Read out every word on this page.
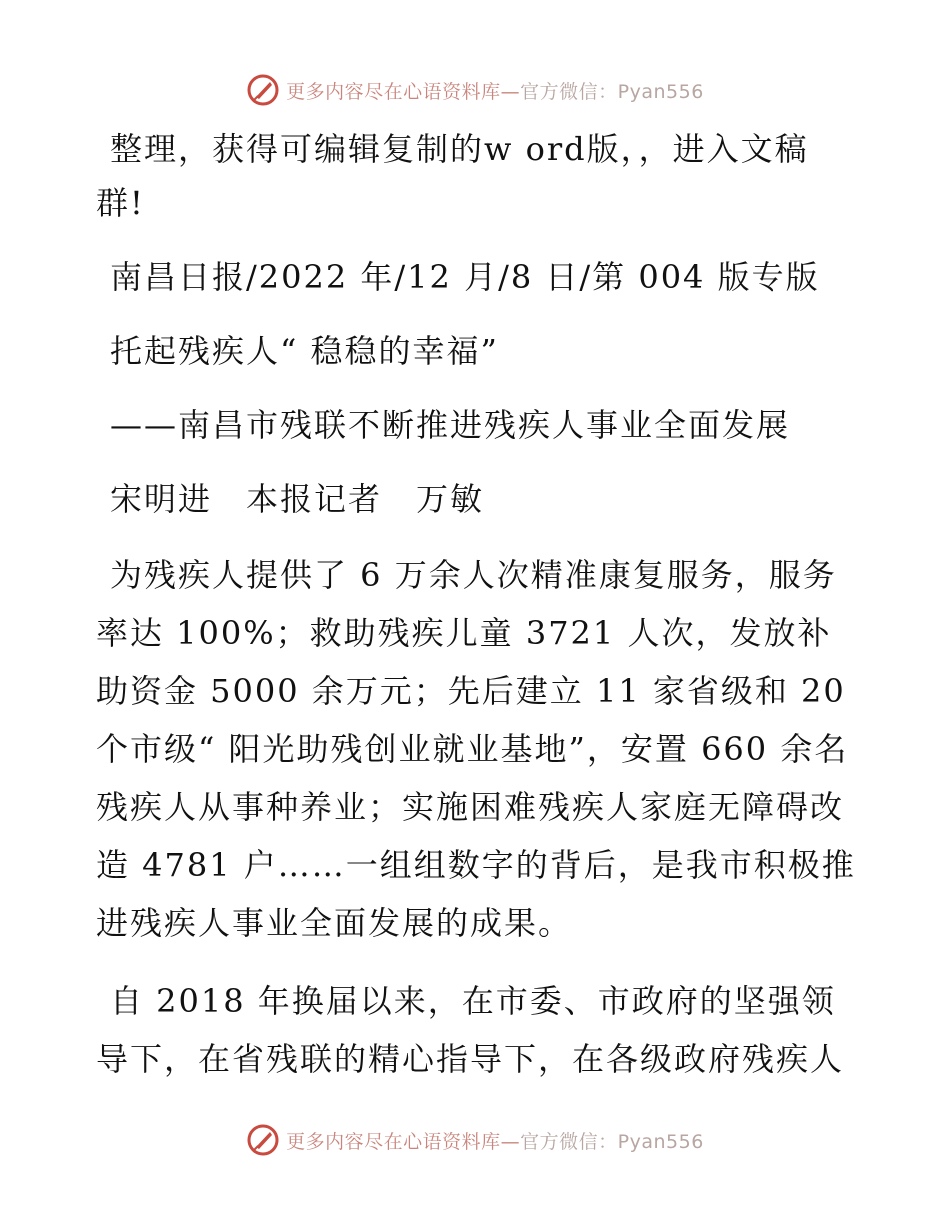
更多内容尽在心语资料库— 官方微信：Pyan556

整理，获得可编辑复制的w ord版，，进入文稿群!

南昌日报/2022 年/12 月/8 日/第 004 版专版

托起残疾人“ 稳稳的幸福”

——南昌市残联不断推进残疾人事业全面发展

宋明进　本报记者　万敏

为残疾人提供了 6 万余人次精准康复服务，服务率达 100%；救助残疾儿童 3721 人次，发放补助资金 5000 余万元；先后建立 11 家省级和 20 个市级“ 阳光助残创业就业基地”，安置 660 余名残疾人从事种养业；实施困难残疾人家庭无障碍改造 4781 户……一组组数字的背后，是我市积极推进残疾人事业全面发展的成果。

自 2018 年换届以来，在市委、市政府的坚强领导下，在省残联的精心指导下，在各级政府残疾人

更多内容尽在心语资料库— 官方微信：Pyan556
